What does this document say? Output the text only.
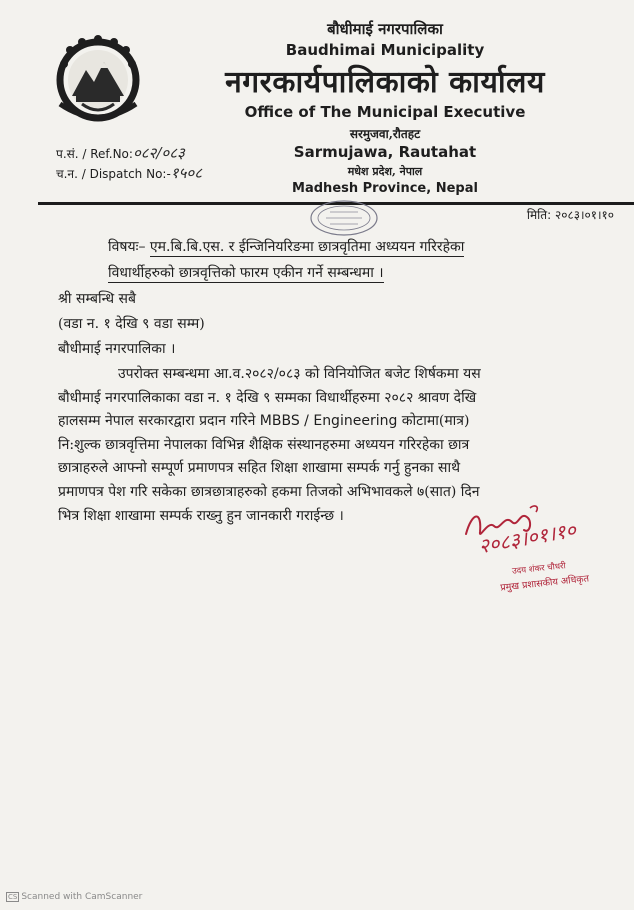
बौधीमाई नगरपालिका
Baudhimai Municipality
नगरकार्यपालिकाको कार्यालय
Office of The Municipal Executive
सरमुजवा,रौतहट
Sarmujawa, Rautahat
मधेश प्रदेश, नेपाल
Madhesh Province, Nepal
प.सं. / Ref.No:०८२/०८३
च.न. / Dispatch No:-१५०८
मिति: २०८३।०१।१०
विषयः– एम.बि.बि.एस. र ईन्जिनियरिङमा छात्रवृतिमा अध्ययन गरिरहेका
विधार्थीहरुको छात्रवृत्तिको फारम एकीन गर्ने सम्बन्धमा ।
श्री सम्बन्धि सबै
(वडा न. १ देखि ९ वडा सम्म)
बौधीमाई नगरपालिका ।
उपरोक्त सम्बन्धमा आ.व.२०८२/०८३ को विनियोजित बजेट शिर्षकमा यस
बौधीमाई नगरपालिकाका वडा न. १ देखि ९ सम्मका विधार्थीहरुमा २०८२ श्रावण देखि
हालसम्म नेपाल सरकारद्वारा प्रदान गरिने MBBS / Engineering कोटामा(मात्र)
नि:शुल्क छात्रवृत्तिमा नेपालका विभिन्न शैक्षिक संस्थानहरुमा अध्ययन गरिरहेका छात्र
छात्राहरुले आफ्नो सम्पूर्ण प्रमाणपत्र सहित शिक्षा शाखामा सम्पर्क गर्नु हुनका साथै
प्रमाणपत्र पेश गरि सकेका छात्रछात्राहरुको हकमा तिजको अभिभावकले ७(सात) दिन
भित्र शिक्षा शाखामा सम्पर्क राख्नु हुन जानकारी गराईन्छ ।
२०८३।०१।१०
उदय शंकर चौधरी
प्रमुख प्रशासकीय अधिकृत
CS Scanned with CamScanner
